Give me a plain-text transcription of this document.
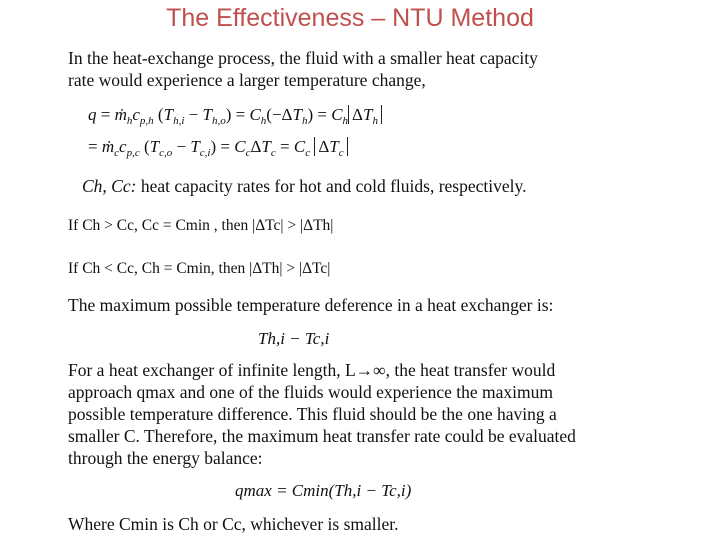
The Effectiveness – NTU Method
In the heat-exchange process, the fluid with a smaller heat capacity
rate would experience a larger temperature change,
$q = ṁ_hc_{p,h}$ $(T_{h,i} - T_{h,o}) = C_h(-\Delta T_h) = C_h$ $\Delta T_h$
= $ṁ_cc_{p,c}$ $(T_{c,o} - T_{c,i}) = C_c\Delta T_c = C_c$ $\Delta T_c$
Ch, Cc: heat capacity rates for hot and cold fluids, respectively.
If Ch > Cc, Cc = Cmin , then |ΔTc| > |ΔTh|
If Ch < Cc, Ch = Cmin, then |ΔTh| > |ΔTc|
The maximum possible temperature deference in a heat exchanger is:
Th,i − Tc,i
For a heat exchanger of infinite length, L→∞, the heat transfer would
approach qmax and one of the fluids would experience the maximum
possible temperature difference. This fluid should be the one having a
smaller C. Therefore, the maximum heat transfer rate could be evaluated
through the energy balance:
qmax = Cmin(Th,i − Tc,i)
Where Cmin is Ch or Cc, whichever is smaller.
